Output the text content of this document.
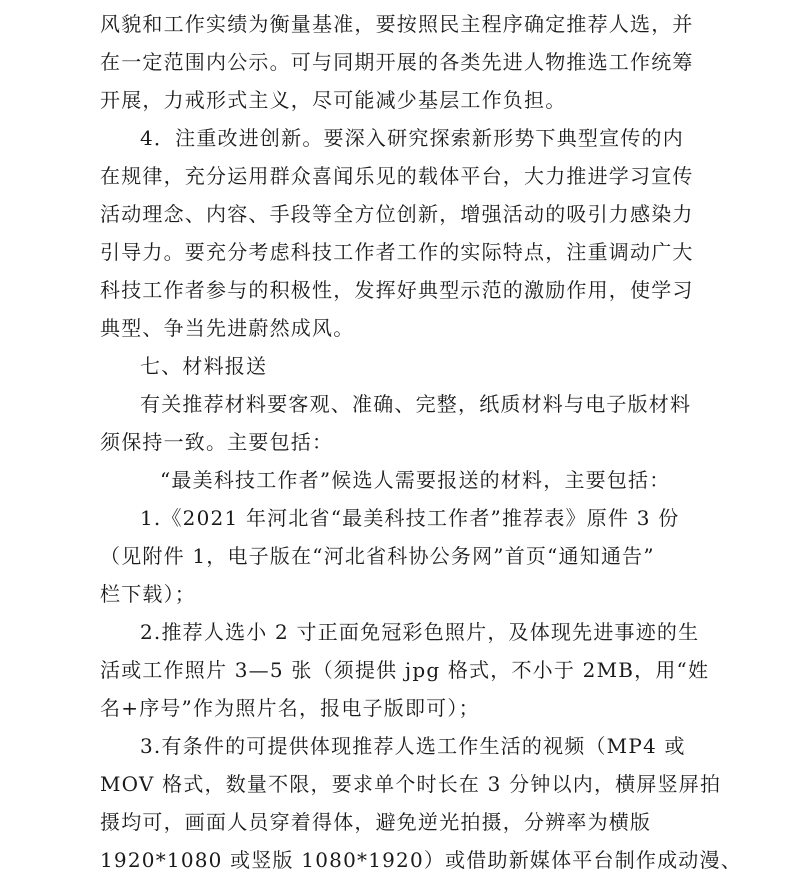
风貌和工作实绩为衡量基准，要按照民主程序确定推荐人选，并
在一定范围内公示。可与同期开展的各类先进人物推选工作统筹
开展，力戒形式主义，尽可能减少基层工作负担。
4．注重改进创新。要深入研究探索新形势下典型宣传的内
在规律，充分运用群众喜闻乐见的载体平台，大力推进学习宣传
活动理念、内容、手段等全方位创新，增强活动的吸引力感染力
引导力。要充分考虑科技工作者工作的实际特点，注重调动广大
科技工作者参与的积极性，发挥好典型示范的激励作用，使学习
典型、争当先进蔚然成风。
七、材料报送
有关推荐材料要客观、准确、完整，纸质材料与电子版材料
须保持一致。主要包括：
“最美科技工作者”候选人需要报送的材料，主要包括：
1.《2021 年河北省“最美科技工作者”推荐表》原件 3 份
（见附件 1，电子版在“河北省科协公务网”首页“通知通告”
栏下载）；
2.推荐人选小 2 寸正面免冠彩色照片，及体现先进事迹的生
活或工作照片 3—5 张（须提供 jpg 格式，不小于 2MB，用“姓
名+序号”作为照片名，报电子版即可）；
3.有条件的可提供体现推荐人选工作生活的视频（MP4 或
MOV 格式，数量不限，要求单个时长在 3 分钟以内，横屏竖屏拍
摄均可，画面人员穿着得体，避免逆光拍摄，分辨率为横版
1920*1080 或竖版 1080*1920）或借助新媒体平台制作成动漫、
